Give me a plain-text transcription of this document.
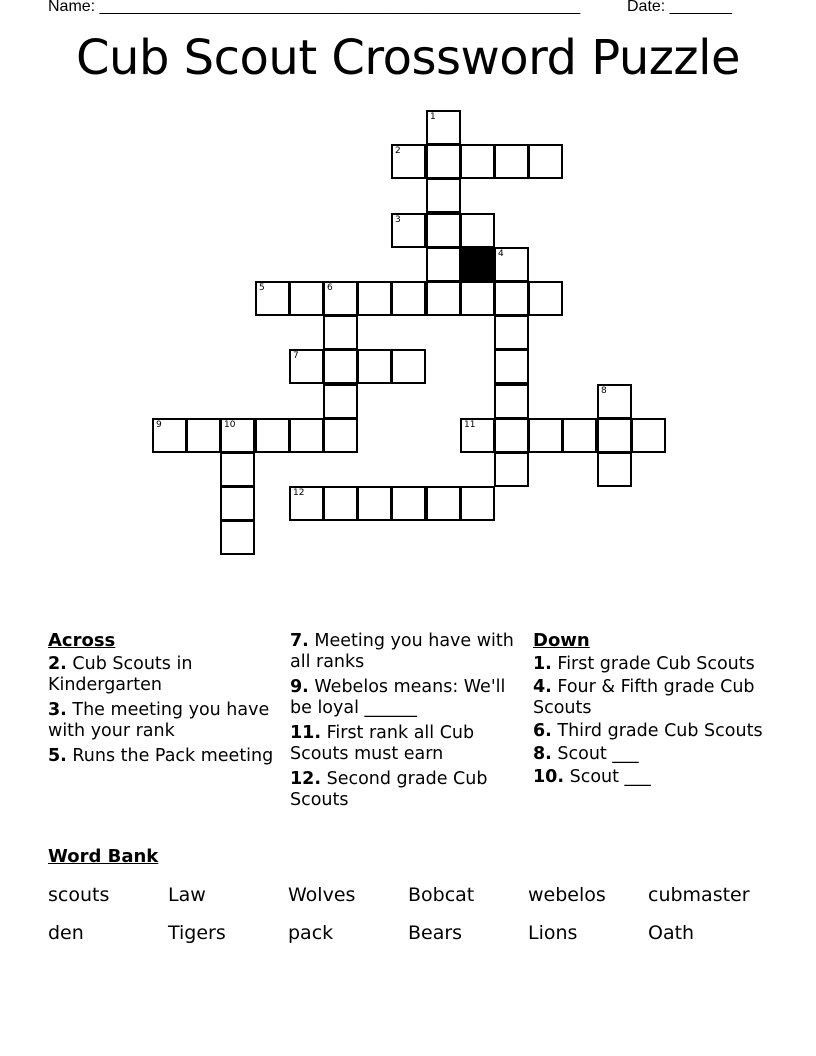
Name: ______________________________________________________	Date: _______
Cub Scout Crossword Puzzle
1
2
3
4
5	6
7
8
9	10	11
12
Across
2. Cub Scouts in Kindergarten
3. The meeting you have with your rank
5. Runs the Pack meeting
7. Meeting you have with all ranks
9. Webelos means: We'll be loyal ______
11. First rank all Cub Scouts must earn
12. Second grade Cub Scouts
Down
1. First grade Cub Scouts
4. Four & Fifth grade Cub Scouts
6. Third grade Cub Scouts
8. Scout ___
10. Scout ___
Word Bank
scouts	Law	Wolves	Bobcat	webelos cubmaster
den	Tigers	pack	Bears	Lions	Oath
